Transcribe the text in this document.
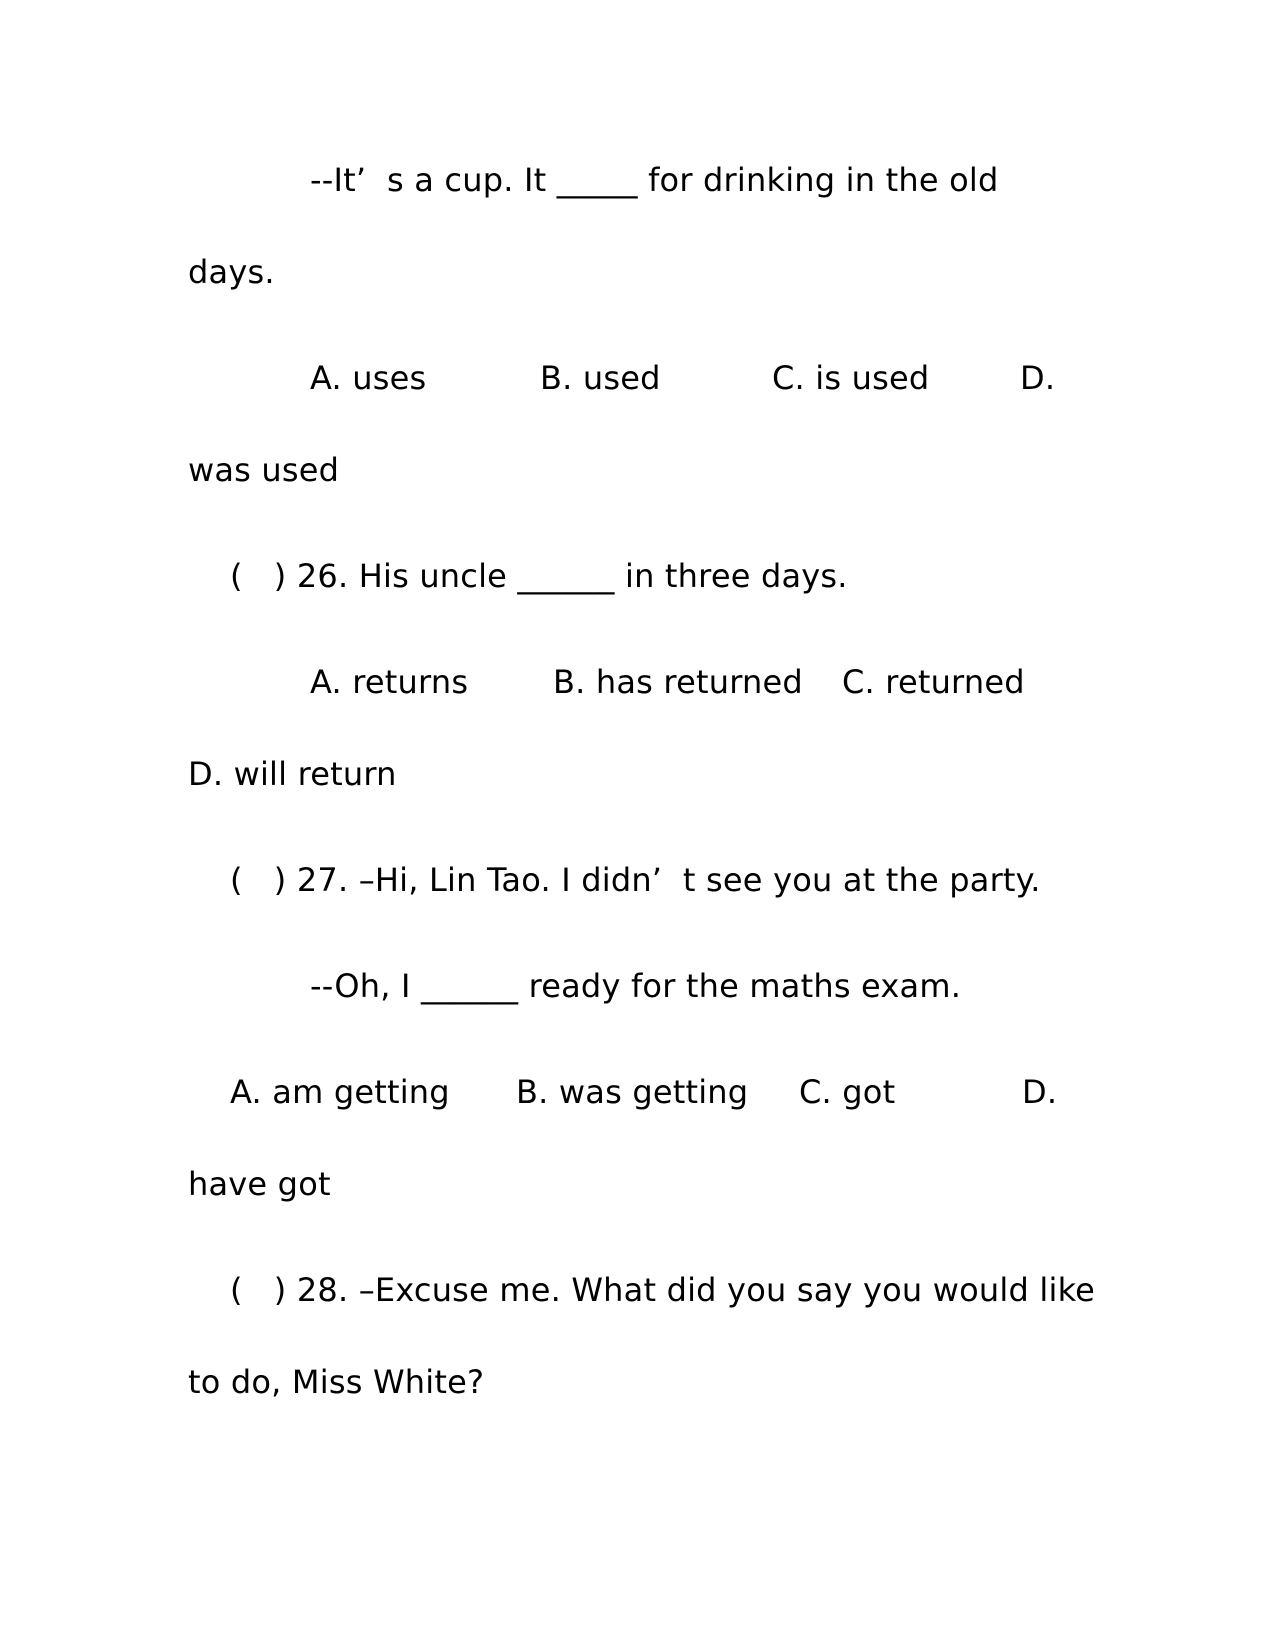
--It’  s a cup. It _____ for drinking in the old
days.
A. uses	B. used	C. is used	D.
was used
(   ) 26. His uncle ______ in three days.
A. returns	B. has returned C. returned
D. will return
(   ) 27. –Hi, Lin Tao. I didn’  t see you at the party.
--Oh, I ______ ready for the maths exam.
A. am getting B. was getting C. got	D.
have got
(   ) 28. –Excuse me. What did you say you would like
to do, Miss White?
